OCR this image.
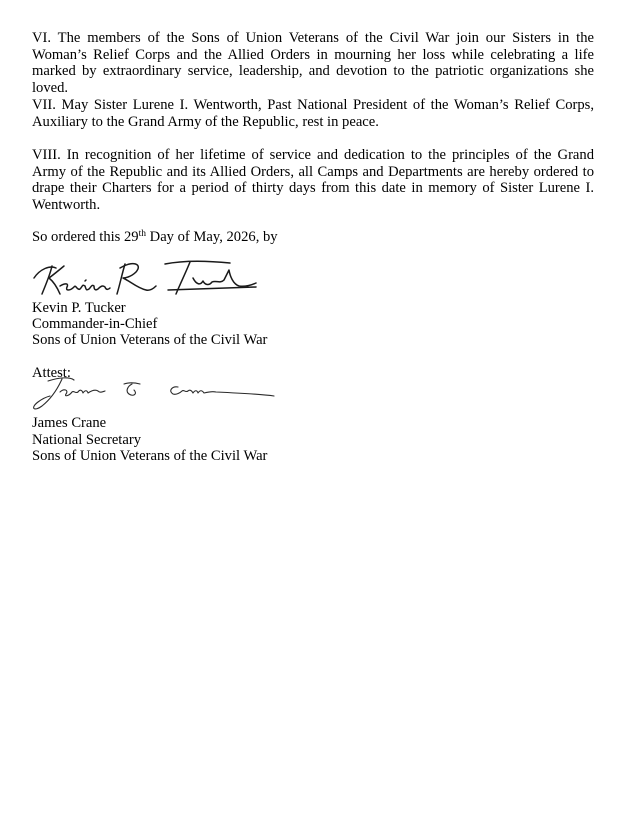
VI. The members of the Sons of Union Veterans of the Civil War join our Sisters in the Woman’s Relief Corps and the Allied Orders in mourning her loss while celebrating a life marked by extraordinary service, leadership, and devotion to the patriotic organizations she loved.

VII. May Sister Lurene I. Wentworth, Past National President of the Woman’s Relief Corps, Auxiliary to the Grand Army of the Republic, rest in peace.

VIII. In recognition of her lifetime of service and dedication to the principles of the Grand Army of the Republic and its Allied Orders, all Camps and Departments are hereby ordered to drape their Charters for a period of thirty days from this date in memory of Sister Lurene I. Wentworth.

So ordered this 29th Day of May, 2026, by

Kevin P. Tucker

Commander-in-Chief

Sons of Union Veterans of the Civil War

Attest:

James Crane

National Secretary

Sons of Union Veterans of the Civil War
